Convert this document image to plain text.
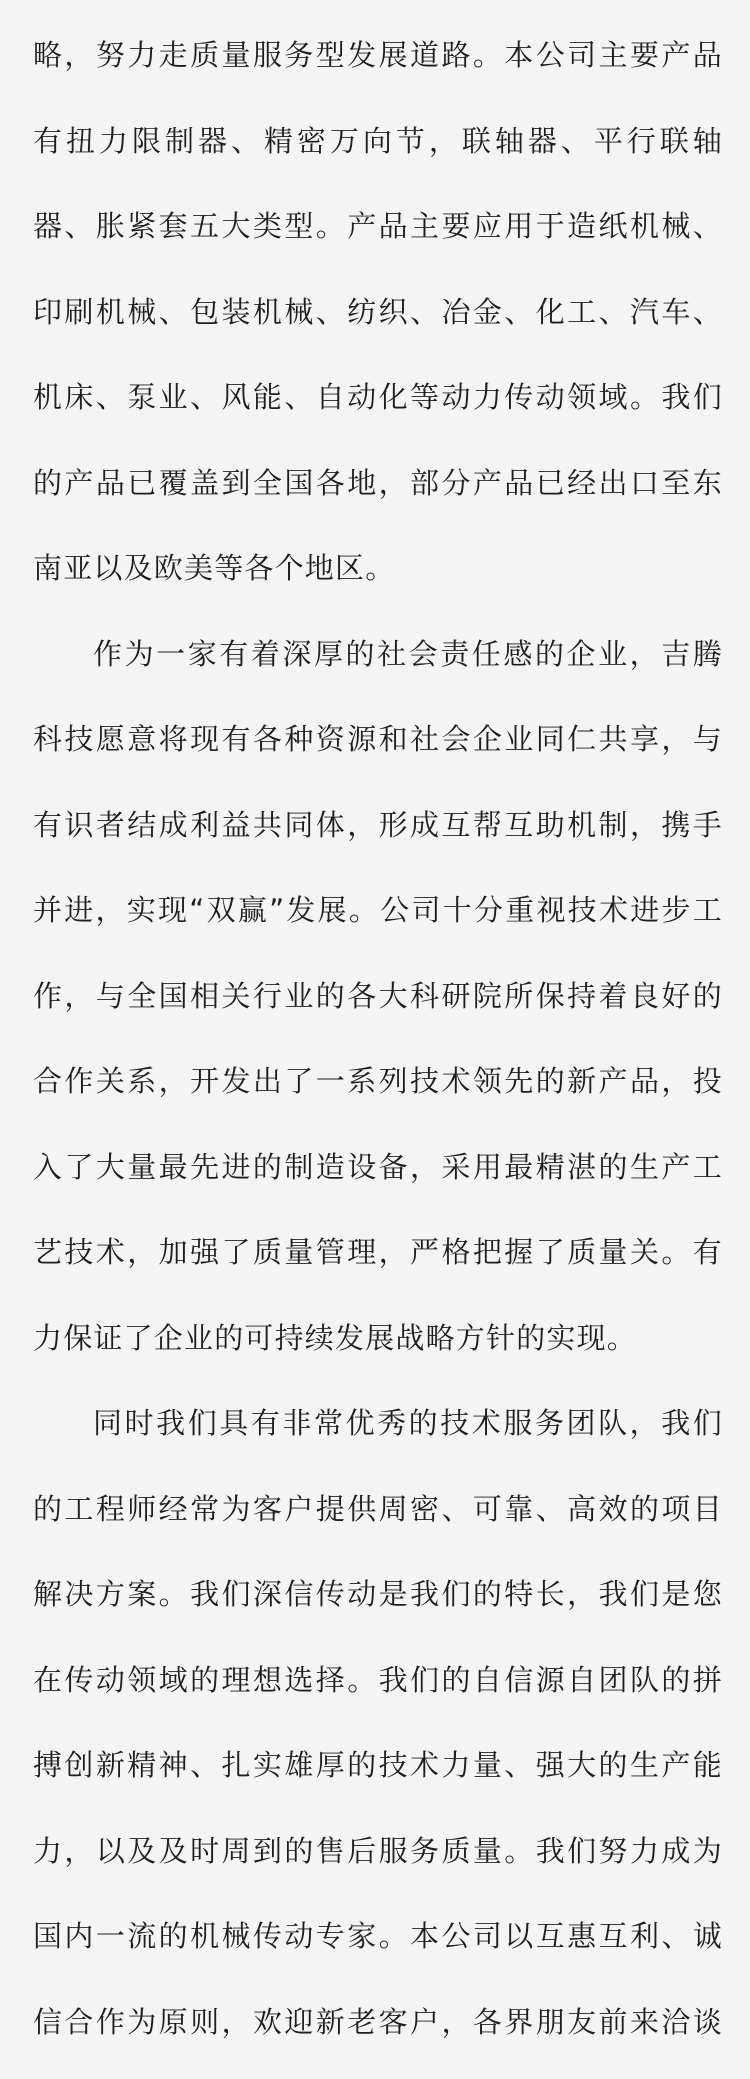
略，努力走质量服务型发展道路。本公司主要产品

有扭力限制器、精密万向节，联轴器、平行联轴

器、胀紧套五大类型。产品主要应用于造纸机械、

印刷机械、包装机械、纺织、冶金、化工、汽车、

机床、泵业、风能、自动化等动力传动领域。我们

的产品已覆盖到全国各地，部分产品已经出口至东

南亚以及欧美等各个地区。

作为一家有着深厚的社会责任感的企业，吉腾

科技愿意将现有各种资源和社会企业同仁共享，与

有识者结成利益共同体，形成互帮互助机制，携手

并进，实现“双赢”发展。公司十分重视技术进步工

作，与全国相关行业的各大科研院所保持着良好的

合作关系，开发出了一系列技术领先的新产品，投

入了大量最先进的制造设备，采用最精湛的生产工

艺技术，加强了质量管理，严格把握了质量关。有

力保证了企业的可持续发展战略方针的实现。

同时我们具有非常优秀的技术服务团队，我们

的工程师经常为客户提供周密、可靠、高效的项目

解决方案。我们深信传动是我们的特长，我们是您

在传动领域的理想选择。我们的自信源自团队的拼

搏创新精神、扎实雄厚的技术力量、强大的生产能

力，以及及时周到的售后服务质量。我们努力成为

国内一流的机械传动专家。本公司以互惠互利、诚

信合作为原则，欢迎新老客户，各界朋友前来洽谈
